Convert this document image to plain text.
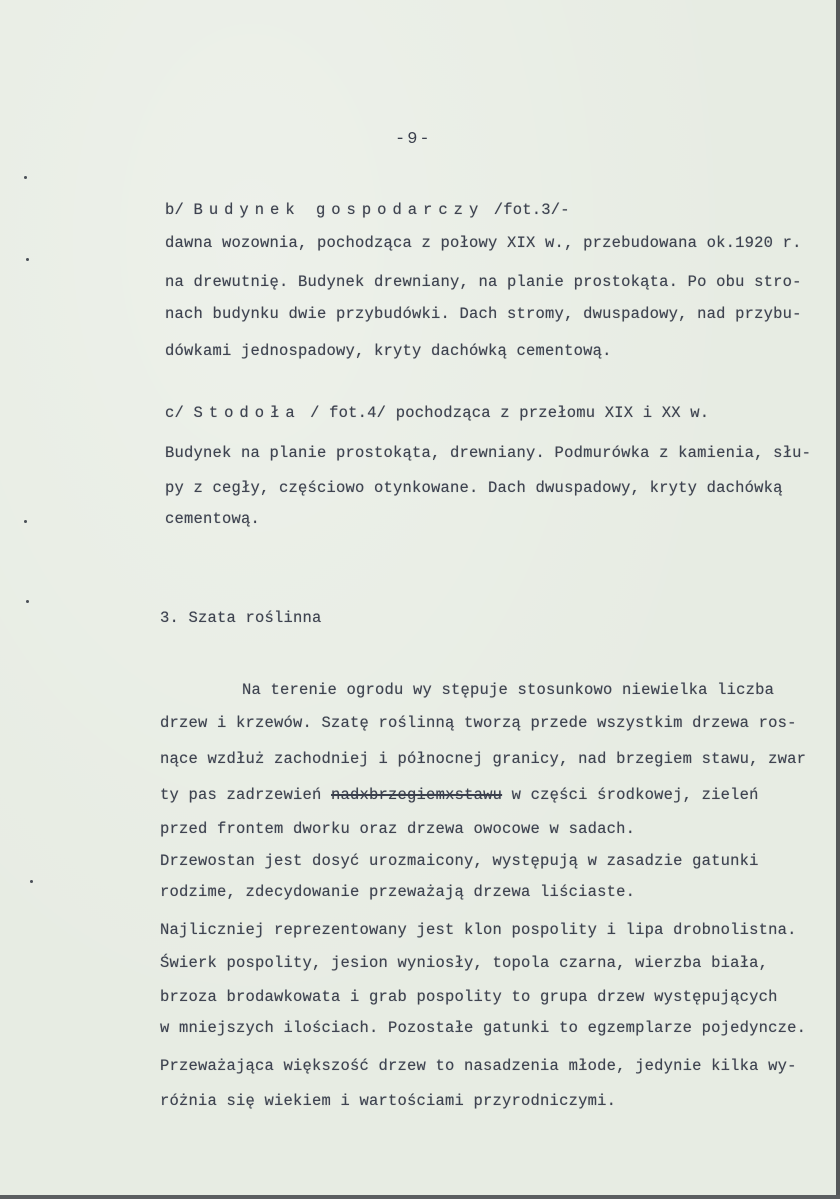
-9-
b/ Budynek gospodarczy /fot.3/-
dawna wozownia, pochodząca z połowy XIX w., przebudowana ok.1920 r.
na drewutnię. Budynek drewniany, na planie prostokąta. Po obu stro-
nach budynku dwie przybudówki. Dach stromy, dwuspadowy, nad przybu-
dówkami jednospadowy, kryty dachówką cementową.
c/ Stodoła / fot.4/ pochodząca z przełomu XIX i XX w.
Budynek na planie prostokąta, drewniany. Podmurówka z kamienia, słu-
py z cegły, częściowo otynkowane. Dach dwuspadowy, kryty dachówką
cementową.
3. Szata roślinna
Na terenie ogrodu wy stępuje stosunkowo niewielka liczba
drzew i krzewów. Szatę roślinną tworzą przede wszystkim drzewa ros-
nące wzdłuż zachodniej i północnej granicy, nad brzegiem stawu, zwar
ty pas zadrzewień nadxbrzegiemxstawu w części środkowej, zieleń
przed frontem dworku oraz drzewa owocowe w sadach.
Drzewostan jest dosyć urozmaicony, występują w zasadzie gatunki
rodzime, zdecydowanie przeważają drzewa liściaste.
Najliczniej reprezentowany jest klon pospolity i lipa drobnolistna.
Świerk pospolity, jesion wyniosły, topola czarna, wierzba biała,
brzoza brodawkowata i grab pospolity to grupa drzew występujących
w mniejszych ilościach. Pozostałe gatunki to egzemplarze pojedyncze.
Przeważająca większość drzew to nasadzenia młode, jedynie kilka wy-
różnia się wiekiem i wartościami przyrodniczymi.
